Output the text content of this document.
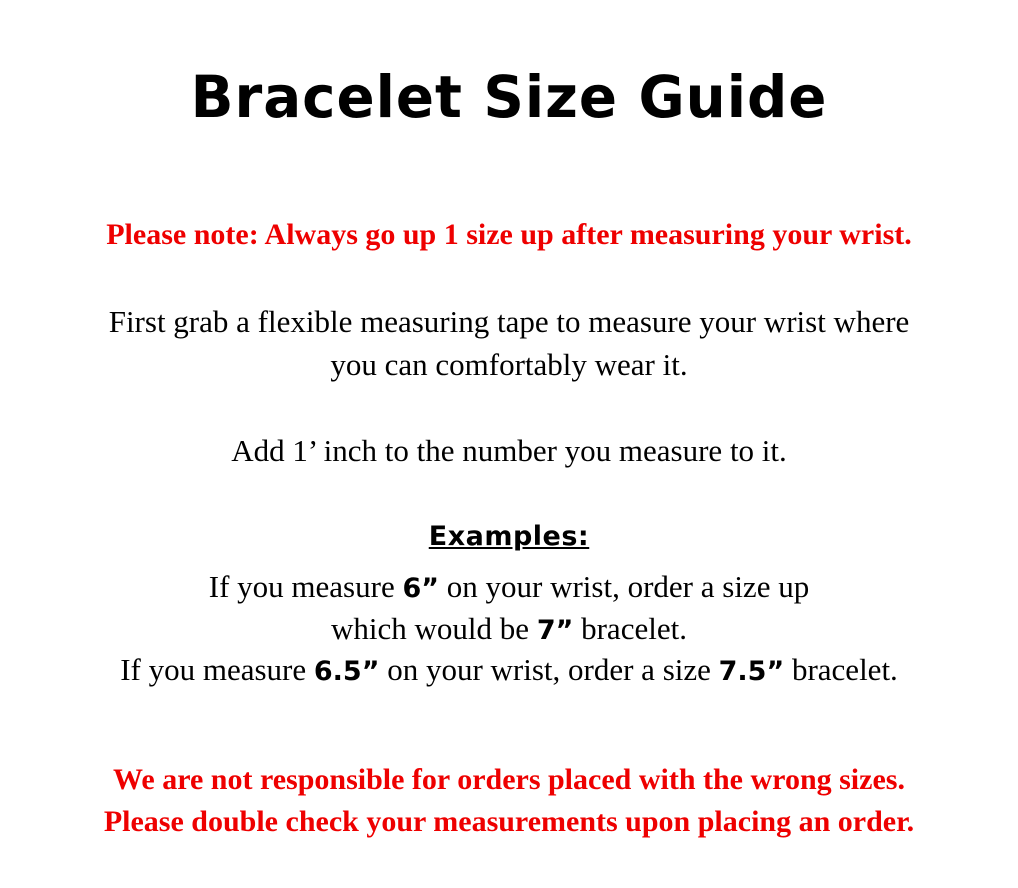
Bracelet Size Guide

Please note: Always go up 1 size up after measuring your wrist.

First grab a flexible measuring tape to measure your wrist where
you can comfortably wear it.

Add 1’ inch to the number you measure to it.

Examples:

If you measure 6” on your wrist, order a size up
which would be 7” bracelet.
If you measure 6.5” on your wrist, order a size 7.5” bracelet.

We are not responsible for orders placed with the wrong sizes.
Please double check your measurements upon placing an order.
